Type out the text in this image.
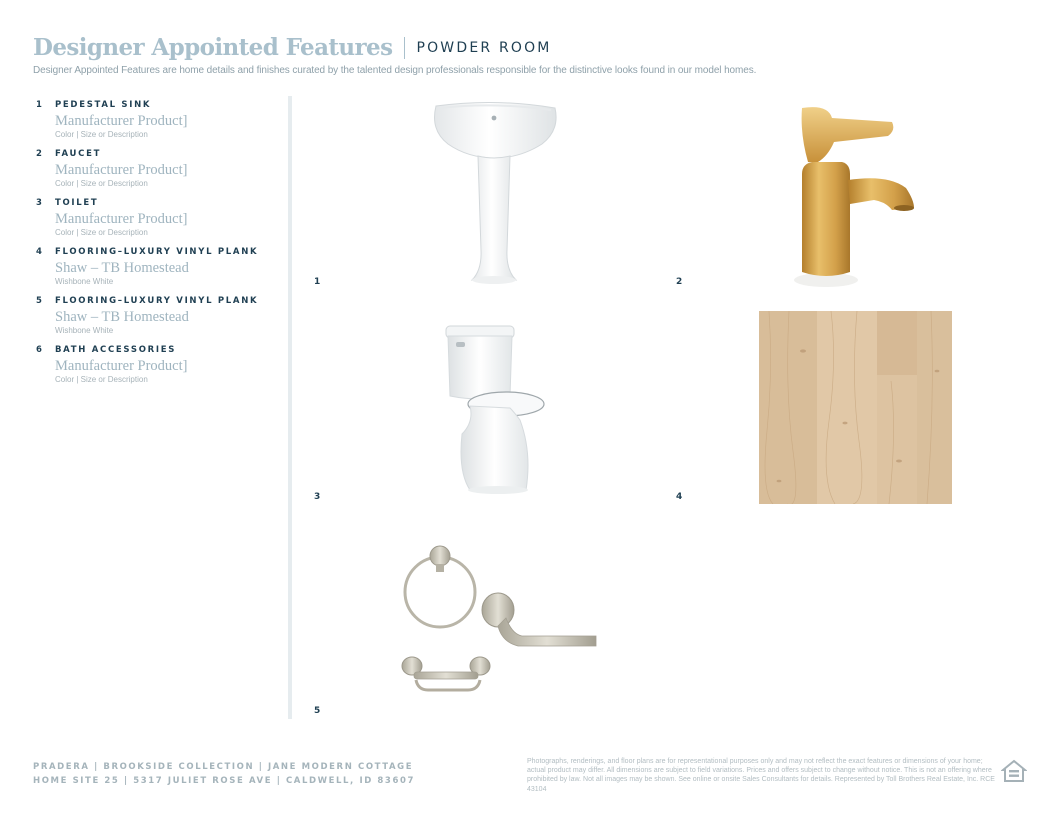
Designer Appointed Features POWDER ROOM
Designer Appointed Features are home details and finishes curated by the talented design professionals responsible for the distinctive looks found in our model homes.
1	PEDESTAL SINK
Manufacturer Product]
Color | Size or Description
2	FAUCET
Manufacturer Product]
Color | Size or Description
3	TOILET
Manufacturer Product]
Color | Size or Description
4	FLOORING–LUXURY VINYL PLANK
Shaw – TB Homestead
Wishbone White
5	FLOORING–LUXURY VINYL PLANK
Shaw – TB Homestead
Wishbone White
6	BATH ACCESSORIES
Manufacturer Product]
Color | Size or Description
1	2
3	4
5
PRADERA | BROOKSIDE COLLECTION | JANE MODERN COTTAGE
HOME SITE 25 | 5317 JULIET ROSE AVE | CALDWELL, ID 83607
Photographs, renderings, and floor plans are for representational purposes only and may not reflect the exact features or dimensions of your home; actual product may differ. All dimensions are subject to field variations. Prices and offers subject to change without notice. This is not an offering where prohibited by law. Not all images may be shown. See online or onsite Sales Consultants for details. Represented by Toll Brothers Real Estate, Inc. RCE 43104
